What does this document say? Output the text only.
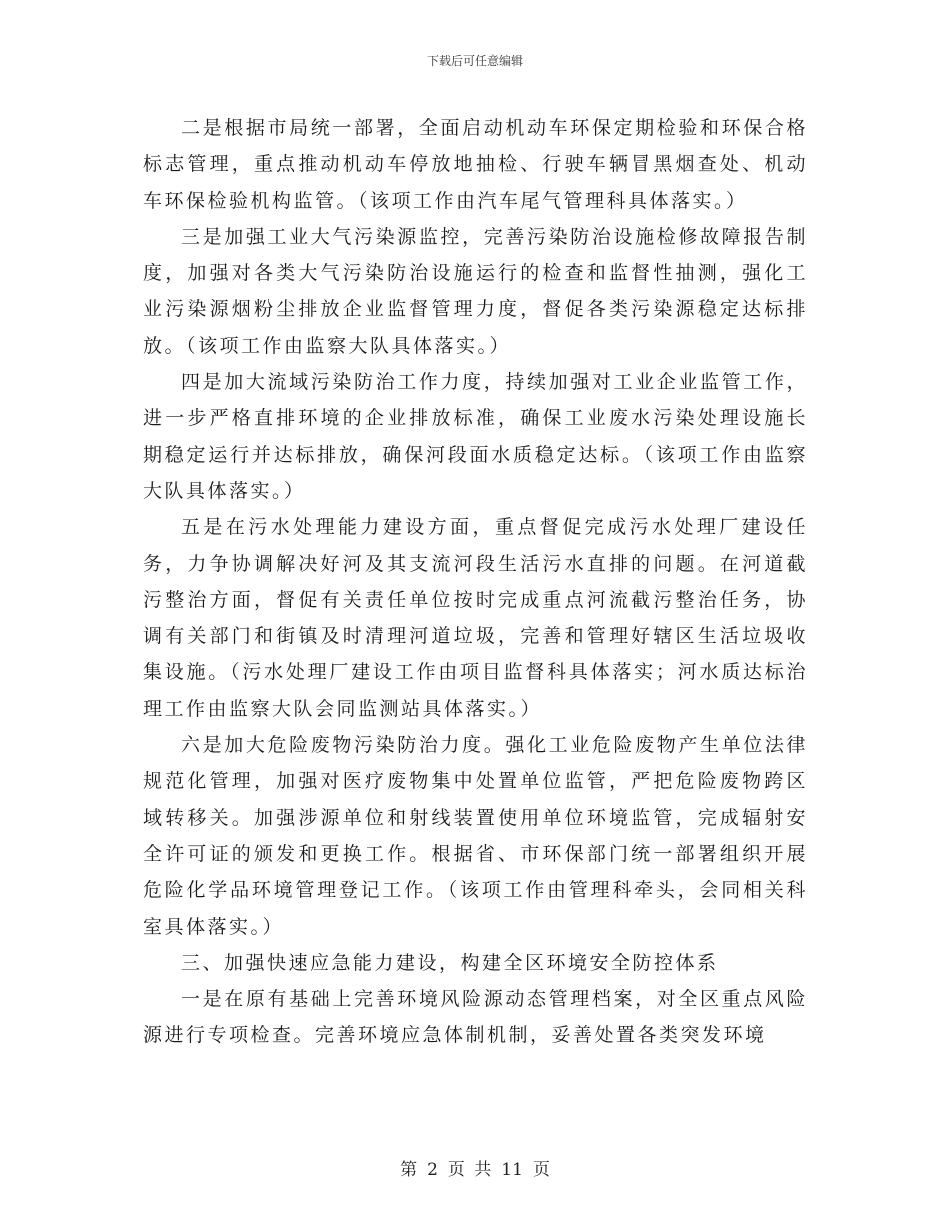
下载后可任意编辑

二是根据市局统一部署，全面启动机动车环保定期检验和环保合格标志管理，重点推动机动车停放地抽检、行驶车辆冒黑烟查处、机动车环保检验机构监管。（该项工作由汽车尾气管理科具体落实。）

三是加强工业大气污染源监控，完善污染防治设施检修故障报告制度，加强对各类大气污染防治设施运行的检查和监督性抽测，强化工业污染源烟粉尘排放企业监督管理力度，督促各类污染源稳定达标排放。（该项工作由监察大队具体落实。）

四是加大流域污染防治工作力度，持续加强对工业企业监管工作，进一步严格直排环境的企业排放标准，确保工业废水污染处理设施长期稳定运行并达标排放，确保河段面水质稳定达标。（该项工作由监察大队具体落实。）

五是在污水处理能力建设方面，重点督促完成污水处理厂建设任务，力争协调解决好河及其支流河段生活污水直排的问题。在河道截污整治方面，督促有关责任单位按时完成重点河流截污整治任务，协调有关部门和街镇及时清理河道垃圾，完善和管理好辖区生活垃圾收集设施。（污水处理厂建设工作由项目监督科具体落实；河水质达标治理工作由监察大队会同监测站具体落实。）

六是加大危险废物污染防治力度。强化工业危险废物产生单位法律规范化管理，加强对医疗废物集中处置单位监管，严把危险废物跨区域转移关。加强涉源单位和射线装置使用单位环境监管，完成辐射安全许可证的颁发和更换工作。根据省、市环保部门统一部署组织开展危险化学品环境管理登记工作。（该项工作由管理科牵头，会同相关科室具体落实。）

三、加强快速应急能力建设，构建全区环境安全防控体系

一是在原有基础上完善环境风险源动态管理档案，对全区重点风险源进行专项检查。完善环境应急体制机制，妥善处置各类突发环境

第 2 页 共 11 页
